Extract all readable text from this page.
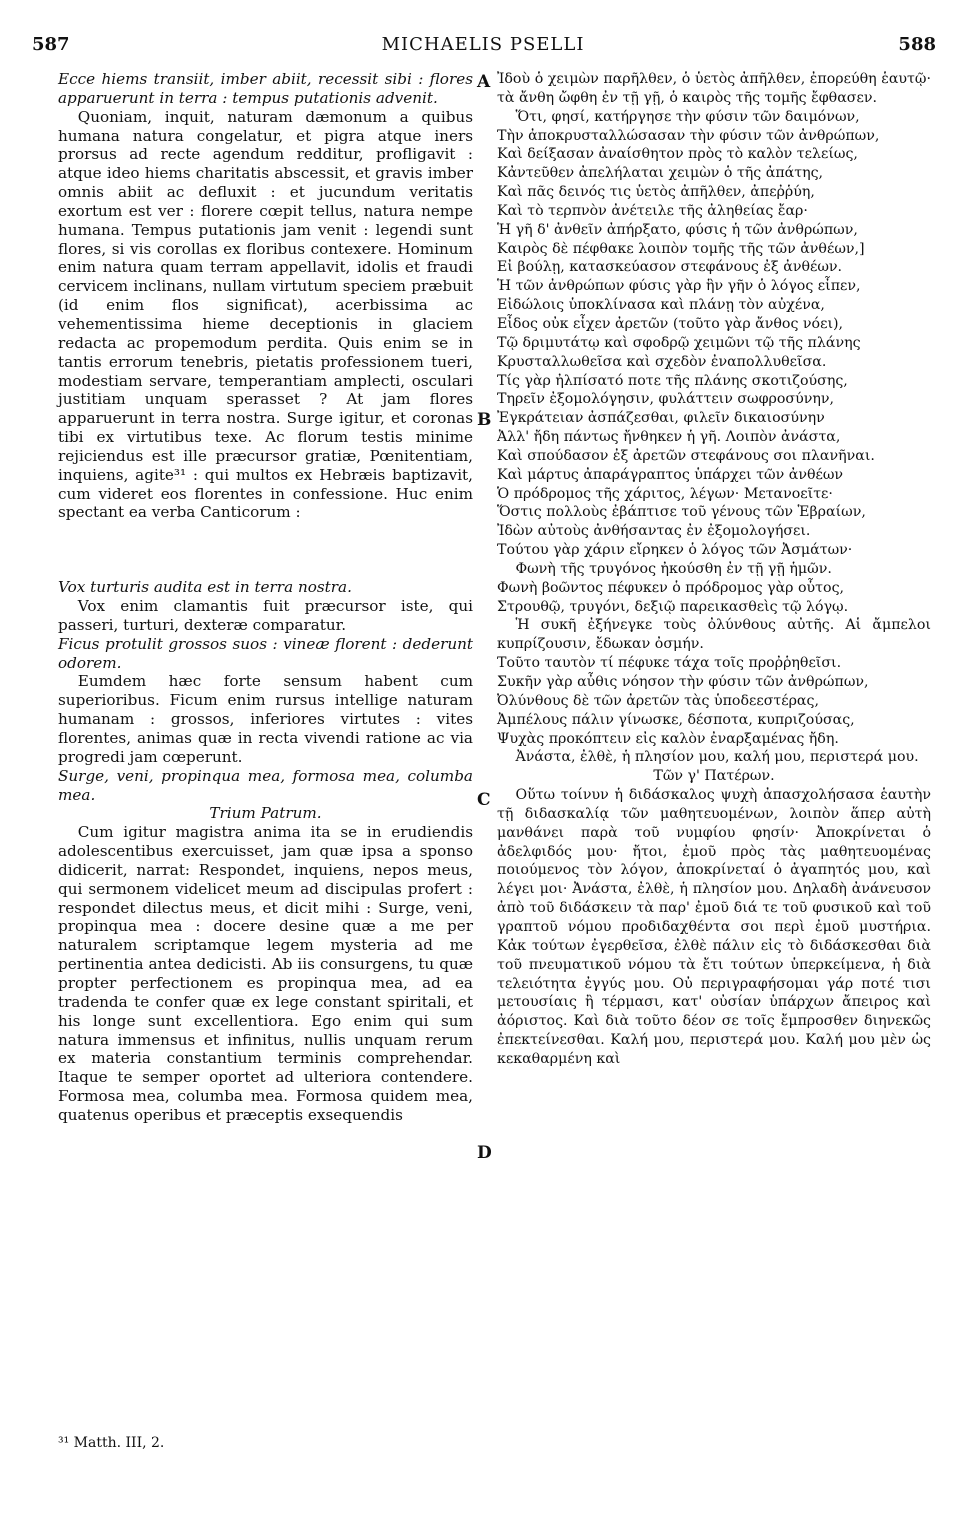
587	MICHAELIS PSELLI	588
Ecce hiems transiit, imber abiit, recessit sibi : flores apparuerunt in terra : tempus putationis advenit.
Quoniam, inquit, naturam dæmonum a quibus humana natura congelatur, et pigra atque iners prorsus ad recte agendum redditur, profligavit : atque ideo hiems charitatis abscessit, et gravis imber omnis abiit ac defluxit : et jucundum veritatis exortum est ver : florere cœpit tellus, natura nempe humana. Tempus putationis jam venit : legendi sunt flores, si vis corollas ex floribus contexere. Hominum enim natura quam terram appellavit, idolis et fraudi cervicem inclinans, nullam virtutum speciem præbuit (id enim flos significat), acerbissima ac vehementissima hieme deceptionis in glaciem redacta ac propemodum perdita. Quis enim se in tantis errorum tenebris, pietatis professionem tueri, modestiam servare, temperantiam amplecti, osculari justitiam unquam sperasset ? At jam flores apparuerunt in terra nostra. Surge igitur, et coronas tibi ex virtutibus texe. Ac florum testis minime rejiciendus est ille præcursor gratiæ, Pœnitentiam, inquiens, agite³¹ : qui multos ex Hebræis baptizavit, cum videret eos florentes in confessione. Huc enim spectant ea verba Canticorum :
Vox turturis audita est in terra nostra.
Vox enim clamantis fuit præcursor iste, qui passeri, turturi, dexteræ comparatur.
Ficus protulit grossos suos : vineæ florent : dederunt odorem.
Eumdem hæc forte sensum habent cum superioribus. Ficum enim rursus intellige naturam humanam : grossos, inferiores virtutes : vites florentes, animas quæ in recta vivendi ratione ac via progredi jam cœperunt.
Surge, veni, propinqua mea, formosa mea, columba mea.
Trium Patrum.
Cum igitur magistra anima ita se in erudiendis adolescentibus exercuisset, jam quæ ipsa a sponso didicerit, narrat: Respondet, inquiens, nepos meus, qui sermonem videlicet meum ad discipulas profert : respondet dilectus meus, et dicit mihi : Surge, veni, propinqua mea : docere desine quæ a me per naturalem scriptamque legem mysteria ad me pertinentia antea dedicisti. Ab iis consurgens, tu quæ propter perfectionem es propinqua mea, ad ea tradenda te confer quæ ex lege constant spiritali, et his longe sunt excellentiora. Ego enim qui sum natura immensus et infinitus, nullis unquam rerum ex materia constantium terminis comprehendar. Itaque te semper oportet ad ulteriora contendere. Formosa mea, columba mea. Formosa quidem mea, quatenus operibus et præceptis exsequendis
Ἰδοὺ ὁ χειμὼν παρῆλθεν, ὁ ὑετὸς ἀπῆλθεν, ἐπορεύθη ἑαυτῷ· τὰ ἄνθη ὤφθη ἐν τῇ γῇ, ὁ καιρὸς τῆς τομῆς ἔφθασεν.
Ὅτι, φησί, κατήργησε τὴν φύσιν τῶν δαιμόνων,
Τὴν ἀποκρυσταλλώσασαν τὴν φύσιν τῶν ἀνθρώπων,
Καὶ δείξασαν ἀναίσθητον πρὸς τὸ καλὸν τελείως,
Κἀντεῦθεν ἀπελήλαται χειμὼν ὁ τῆς ἀπάτης,
Καὶ πᾶς δεινός τις ὑετὸς ἀπῆλθεν, ἀπεῤῥύη,
Καὶ τὸ τερπνὸν ἀνέτειλε τῆς ἀληθείας ἔαρ·
Ἡ γῆ δ' ἀνθεῖν ἀπήρξατο, φύσις ἡ τῶν ἀνθρώπων,
Καιρὸς δὲ πέφθακε λοιπὸν τομῆς τῆς τῶν ἀνθέων,]
Εἰ βούλῃ, κατασκεύασον στεφάνους ἐξ ἀνθέων.
Ἡ τῶν ἀνθρώπων φύσις γὰρ ἣν γῆν ὁ λόγος εἶπεν,
Εἰδώλοις ὑποκλίνασα καὶ πλάνῃ τὸν αὐχένα,
Εἶδος οὐκ εἶχεν ἀρετῶν (τοῦτο γὰρ ἄνθος νόει),
Τῷ δριμυτάτῳ καὶ σφοδρῷ χειμῶνι τῷ τῆς πλάνης
Κρυσταλλωθεῖσα καὶ σχεδὸν ἐναπολλυθεῖσα.
Τίς γὰρ ἠλπίσατό ποτε τῆς πλάνης σκοτιζούσης,
Τηρεῖν ἐξομολόγησιν, φυλάττειν σωφροσύνην,
Ἐγκράτειαν ἀσπάζεσθαι, φιλεῖν δικαιοσύνην
Ἀλλ' ἤδη πάντως ἤνθηκεν ἡ γῆ. Λοιπὸν ἀνάστα,
Καὶ σπούδασον ἐξ ἀρετῶν στεφάνους σοι πλανῆναι.
Καὶ μάρτυς ἀπαράγραπτος ὑπάρχει τῶν ἀνθέων
Ὁ πρόδρομος τῆς χάριτος, λέγων· Μετανοεῖτε·
Ὅστις πολλοὺς ἐβάπτισε τοῦ γένους τῶν Ἑβραίων,
Ἰδὼν αὐτοὺς ἀνθήσαντας ἐν ἐξομολογήσει.
Τούτου γὰρ χάριν εἴρηκεν ὁ λόγος τῶν Ἀσμάτων·
Φωνὴ τῆς τρυγόνος ἠκούσθη ἐν τῇ γῇ ἡμῶν.
Φωνὴ βοῶντος πέφυκεν ὁ πρόδρομος γὰρ οὗτος,
Στρουθῷ, τρυγόνι, δεξιῷ παρεικασθεὶς τῷ λόγῳ.
Ἡ συκῆ ἐξήνεγκε τοὺς ὀλύνθους αὐτῆς. Αἱ ἄμπελοι κυπρίζουσιν, ἔδωκαν ὀσμήν.
Τοῦτο ταυτὸν τί πέφυκε τάχα τοῖς προῤῥηθεῖσι.
Συκῆν γὰρ αὖθις νόησον τὴν φύσιν τῶν ἀνθρώπων,
Ὀλύνθους δὲ τῶν ἀρετῶν τὰς ὑποδεεστέρας,
Ἀμπέλους πάλιν γίνωσκε, δέσποτα, κυπριζούσας,
Ψυχὰς προκόπτειν εἰς καλὸν ἐναρξαμένας ἤδη.
Ἀνάστα, ἐλθὲ, ἡ πλησίον μου, καλή μου, περιστερά μου.
Τῶν γ' Πατέρων.
Οὕτω τοίνυν ἡ διδάσκαλος ψυχὴ ἀπασχολήσασα ἑαυτὴν τῇ διδασκαλίᾳ τῶν μαθητευομένων, λοιπὸν ἅπερ αὐτὴ μανθάνει παρὰ τοῦ νυμφίου φησίν· Ἀποκρίνεται ὁ ἀδελφιδός μου· ἤτοι, ἐμοῦ πρὸς τὰς μαθητευομένας ποιούμενος τὸν λόγον, ἀποκρίνεταί ὁ ἀγαπητός μου, καὶ λέγει μοι· Ἀνάστα, ἐλθὲ, ἡ πλησίον μου. Δηλαδὴ ἀνάνευσον ἀπὸ τοῦ διδάσκειν τὰ παρ' ἐμοῦ διά τε τοῦ φυσικοῦ καὶ τοῦ γραπτοῦ νόμου προδιδαχθέντα σοι περὶ ἐμοῦ μυστήρια. Κἀκ τούτων ἐγερθεῖσα, ἐλθὲ πάλιν εἰς τὸ διδάσκεσθαι διὰ τοῦ πνευματικοῦ νόμου τὰ ἔτι τούτων ὑπερκείμενα, ἡ διὰ τελειότητα ἐγγύς μου. Οὐ περιγραφήσομαι γάρ ποτέ τισι μετουσίαις ἢ τέρμασι, κατ' οὐσίαν ὑπάρχων ἄπειρος καὶ ἀόριστος. Καὶ διὰ τοῦτο δέον σε τοῖς ἔμπροσθεν διηνεκῶς ἐπεκτείνεσθαι. Καλή μου, περιστερά μου. Καλή μου μὲν ὡς κεκαθαρμένη καὶ
A
B
C
D
³¹ Matth. III, 2.
